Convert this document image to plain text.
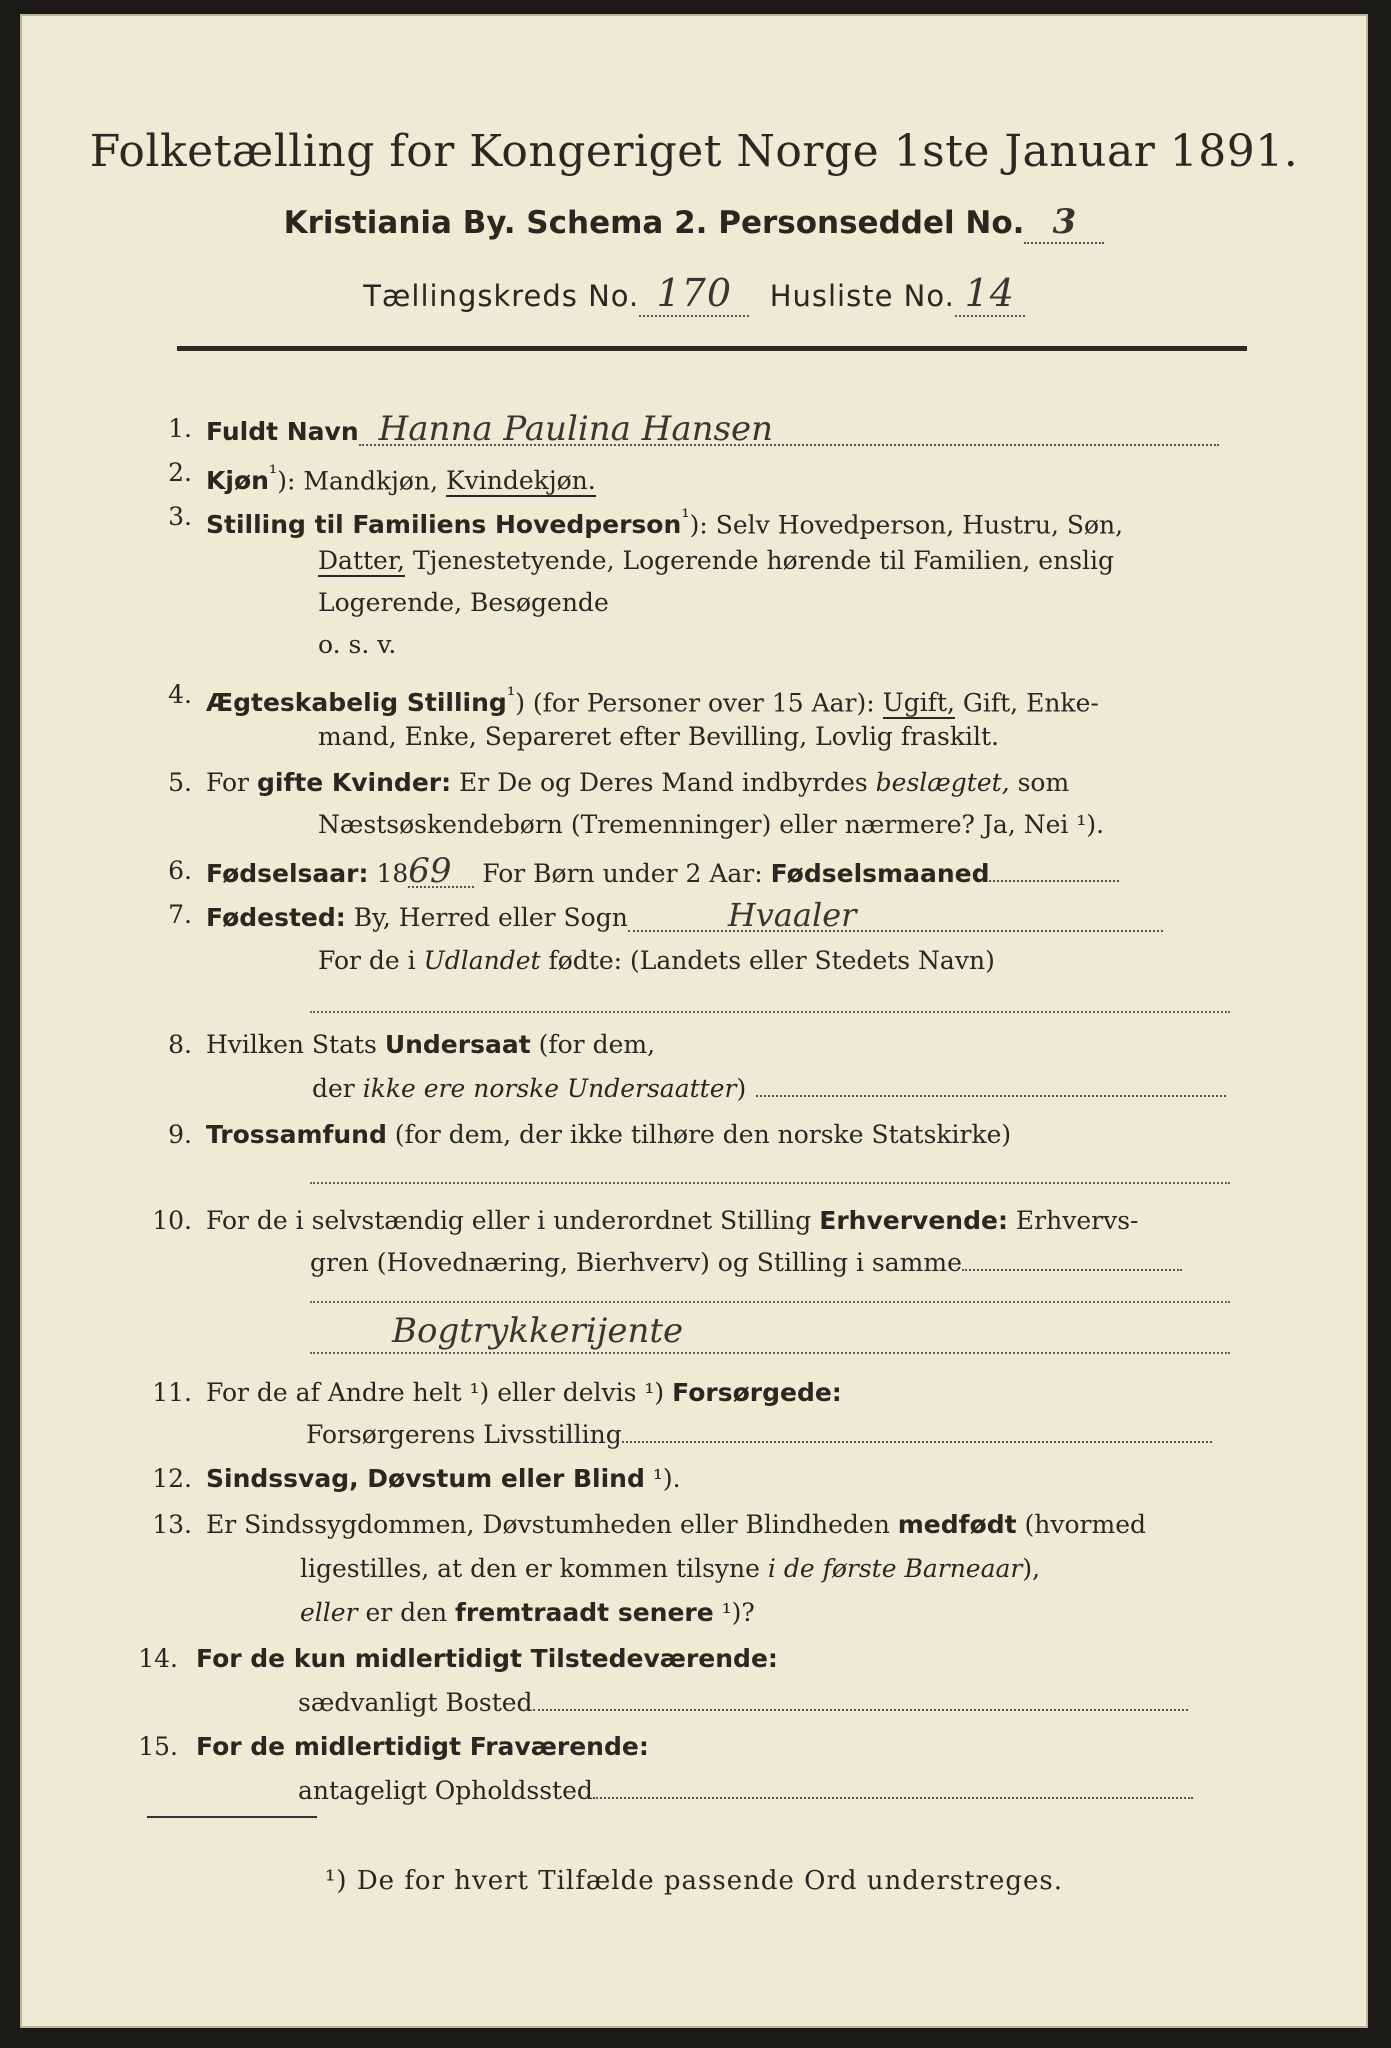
Folketælling for Kongeriget Norge 1ste Januar 1891.
Kristiania By. Schema 2. Personseddel No. 3
Tællingskreds No. 170 Husliste No. 14
1. Fuldt Navn Hanna Paulina Hansen
2. Kjøn$^{^1}$): Mandkjøn, Kvindekjøn.
3. Stilling til Familiens Hovedperson$^{^1}$): Selv Hovedperson, Hustru, Søn,
Datter, Tjenestetyende, Logerende hørende til Familien, enslig
Logerende, Besøgende
o. s. v.
4. Ægteskabelig Stilling$^{^1}$) (for Personer over 15 Aar): Ugift, Gift, Enke-
mand, Enke, Separeret efter Bevilling, Lovlig fraskilt.
5. For gifte Kvinder: Er De og Deres Mand indbyrdes beslægtet, som
Næstsøskendebørn (Tremenninger) eller nærmere? Ja, Nei ¹).
6. Fødselsaar: 1869 For Børn under 2 Aar: Fødselsmaaned
7. Fødested: By, Herred eller Sogn	Hvaaler
For de i Udlandet fødte: (Landets eller Stedets Navn)
8. Hvilken Stats Undersaat (for dem,
der ikke ere norske Undersaatter)
9. Trossamfund (for dem, der ikke tilhøre den norske Statskirke)
10. For de i selvstændig eller i underordnet Stilling Erhvervende: Erhvervs-
gren (Hovednæring, Bierhverv) og Stilling i samme
Bogtrykkerijente
11. For de af Andre helt ¹) eller delvis ¹) Forsørgede:
Forsørgerens Livsstilling
12. Sindssvag, Døvstum eller Blind ¹).
13. Er Sindssygdommen, Døvstumheden eller Blindheden medfødt (hvormed
ligestilles, at den er kommen tilsyne i de første Barneaar),
eller er den fremtraadt senere ¹)?
14. For de kun midlertidigt Tilstedeværende:
sædvanligt Bosted
15. For de midlertidigt Fraværende:
antageligt Opholdssted
¹) De for hvert Tilfælde passende Ord understreges.
